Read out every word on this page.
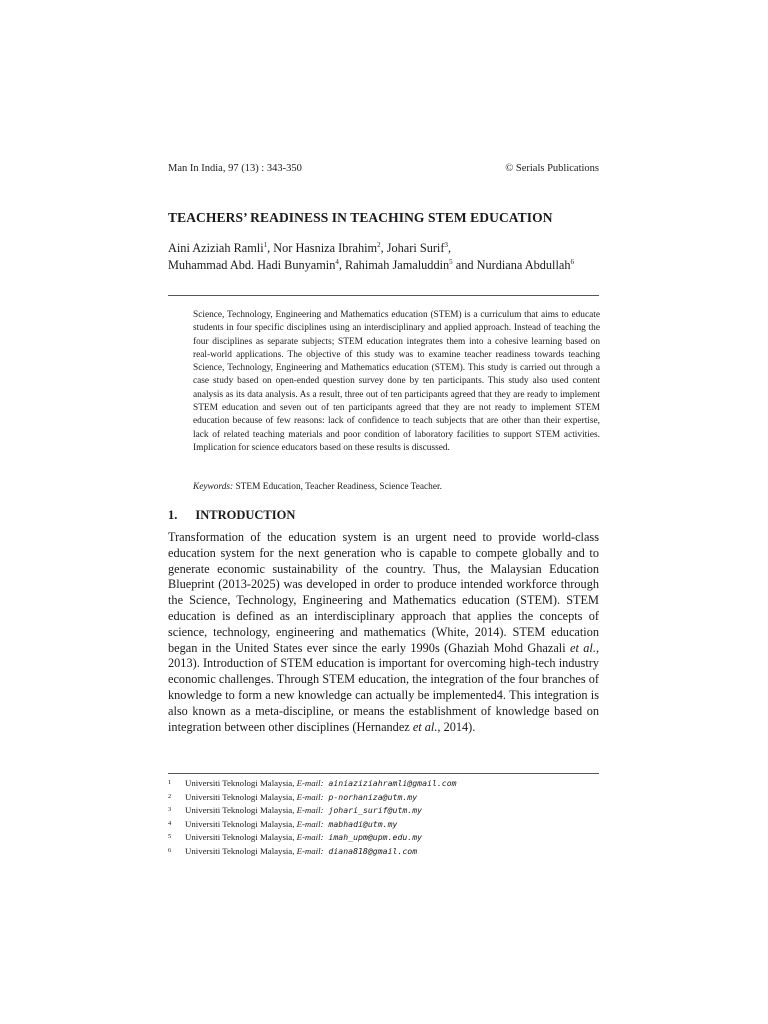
Man In India, 97 (13) : 343-350	© Serials Publications
TEACHERS’ READINESS IN TEACHING STEM EDUCATION
Aini Aziziah Ramli$^1$, Nor Hasniza Ibrahim$^2$, Johari Surif$^3$,
Muhammad Abd. Hadi Bunyamin$^4$, Rahimah Jamaluddin$^5$ and Nurdiana Abdullah$^6$

Science, Technology, Engineering and Mathematics education (STEM) is a curriculum that aims to educate students in four specific disciplines using an interdisciplinary and applied approach. Instead of teaching the four disciplines as separate subjects; STEM education integrates them into a cohesive learning based on real-world applications. The objective of this study was to examine teacher readiness towards teaching Science, Technology, Engineering and Mathematics education (STEM). This study is carried out through a case study based on open-ended question survey done by ten participants. This study also used content analysis as its data analysis. As a result, three out of ten participants agreed that they are ready to implement STEM education and seven out of ten participants agreed that they are not ready to implement STEM education because of few reasons: lack of confidence to teach subjects that are other than their expertise, lack of related teaching materials and poor condition of laboratory facilities to support STEM activities. Implication for science educators based on these results is discussed.

Keywords: STEM Education, Teacher Readiness, Science Teacher.
1. INTRODUCTION

Transformation of the education system is an urgent need to provide world-class education system for the next generation who is capable to compete globally and to generate economic sustainability of the country. Thus, the Malaysian Education Blueprint (2013-2025) was developed in order to produce intended workforce through the Science, Technology, Engineering and Mathematics education (STEM). STEM education is defined as an interdisciplinary approach that applies the concepts of science, technology, engineering and mathematics (White, 2014). STEM education began in the United States ever since the early 1990s (Ghaziah Mohd Ghazali et al., 2013). Introduction of STEM education is important for overcoming high-tech industry economic challenges. Through STEM education, the integration of the four branches of knowledge to form a new knowledge can actually be implemented4. This integration is also known as a meta-discipline, or means the establishment of knowledge based on integration between other disciplines (Hernandez et al., 2014).

1	Universiti Teknologi Malaysia, E-mail: ainiaziziahramli@gmail.com
2	Universiti Teknologi Malaysia, E-mail: p-norhaniza@utm.my
3	Universiti Teknologi Malaysia, E-mail: johari_surif@utm.my
4	Universiti Teknologi Malaysia, E-mail: mabhadi@utm.my
5	Universiti Teknologi Malaysia, E-mail: imah_upm@upm.edu.my
6	Universiti Teknologi Malaysia, E-mail: diana818@gmail.com
